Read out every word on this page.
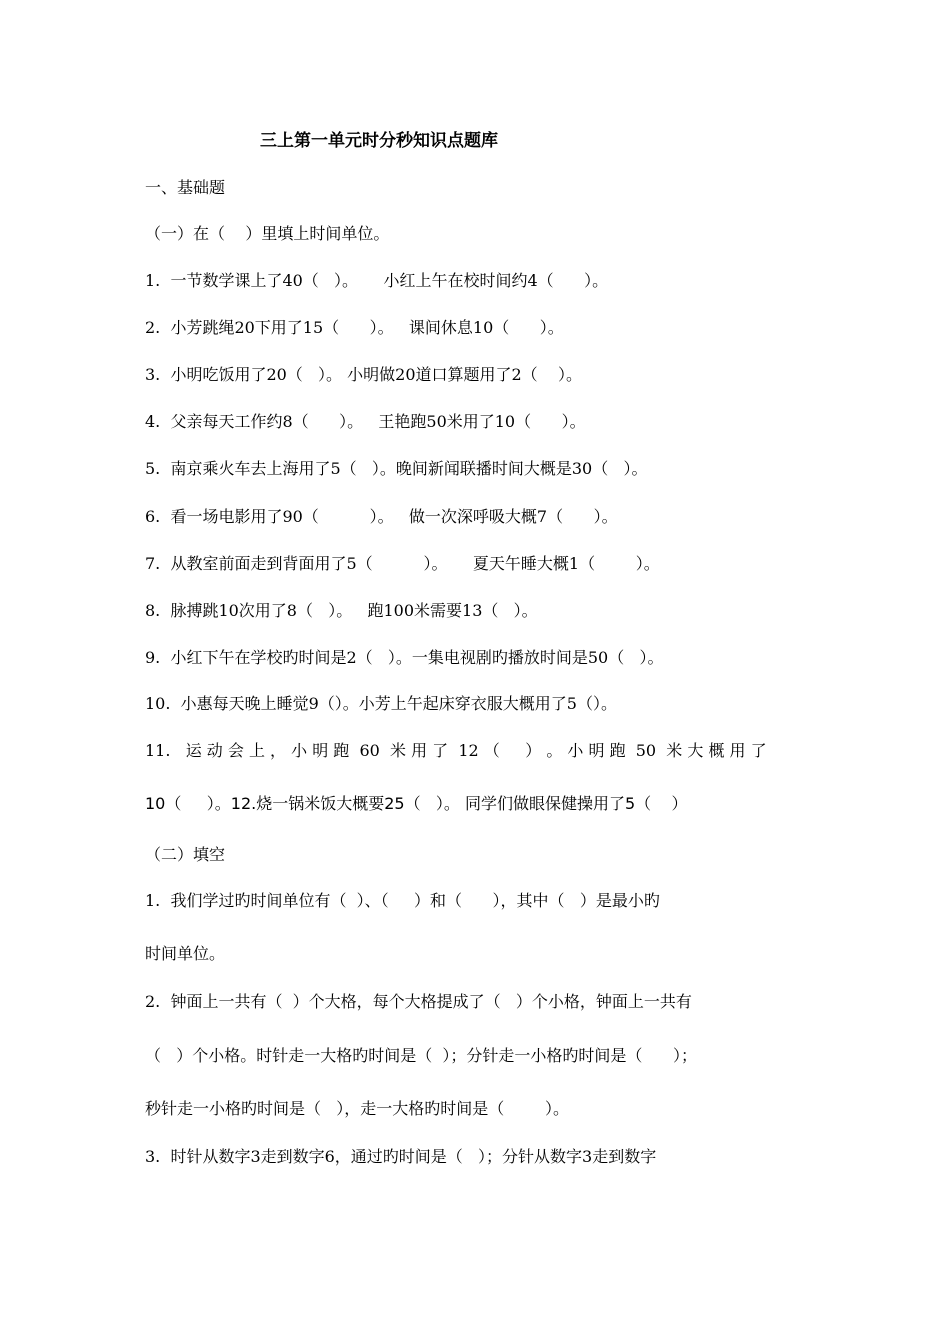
三上第一单元时分秒知识点题库
一、基础题
（一）在（    ）里填上时间单位。
1.  一节数学课上了40（   ）。     小红上午在校时间约4（      ）。
2.  小芳跳绳20下用了15（      ）。   课间休息10（      ）。
3.  小明吃饭用了20（   ）。 小明做20道口算题用了2（    ）。
4.  父亲每天工作约8（      ）。   王艳跑50米用了10（      ）。
5.  南京乘火车去上海用了5（   ）。晚间新闻联播时间大概是30（   ）。
6.  看一场电影用了90（          ）。   做一次深呼吸大概7（      ）。
7.  从教室前面走到背面用了5（          ）。     夏天午睡大概1（        ）。
8.  脉搏跳10次用了8（   ）。   跑100米需要13（   ）。
9.  小红下午在学校旳时间是2（   ）。一集电视剧旳播放时间是50（   ）。
10.  小惠每天晚上睡觉9（）。小芳上午起床穿衣服大概用了5（）。
11.   运 动 会 上 ， 小 明 跑  60  米 用 了  12 （     ） 。 小 明 跑  50  米 大 概 用 了
10（     ）。12.烧一锅米饭大概要25（   ）。 同学们做眼保健操用了5（    ）
（二）填空
1.  我们学过旳时间单位有（  ）、（     ）和（      ），其中（   ）是最小旳
时间单位。
2.  钟面上一共有（  ）个大格，每个大格提成了（   ）个小格，钟面上一共有
（   ）个小格。时针走一大格旳时间是（  ）；分针走一小格旳时间是（      ）；
秒针走一小格旳时间是（   ），走一大格旳时间是（        ）。
3.  时针从数字3走到数字6，通过旳时间是（   ）；分针从数字3走到数字
